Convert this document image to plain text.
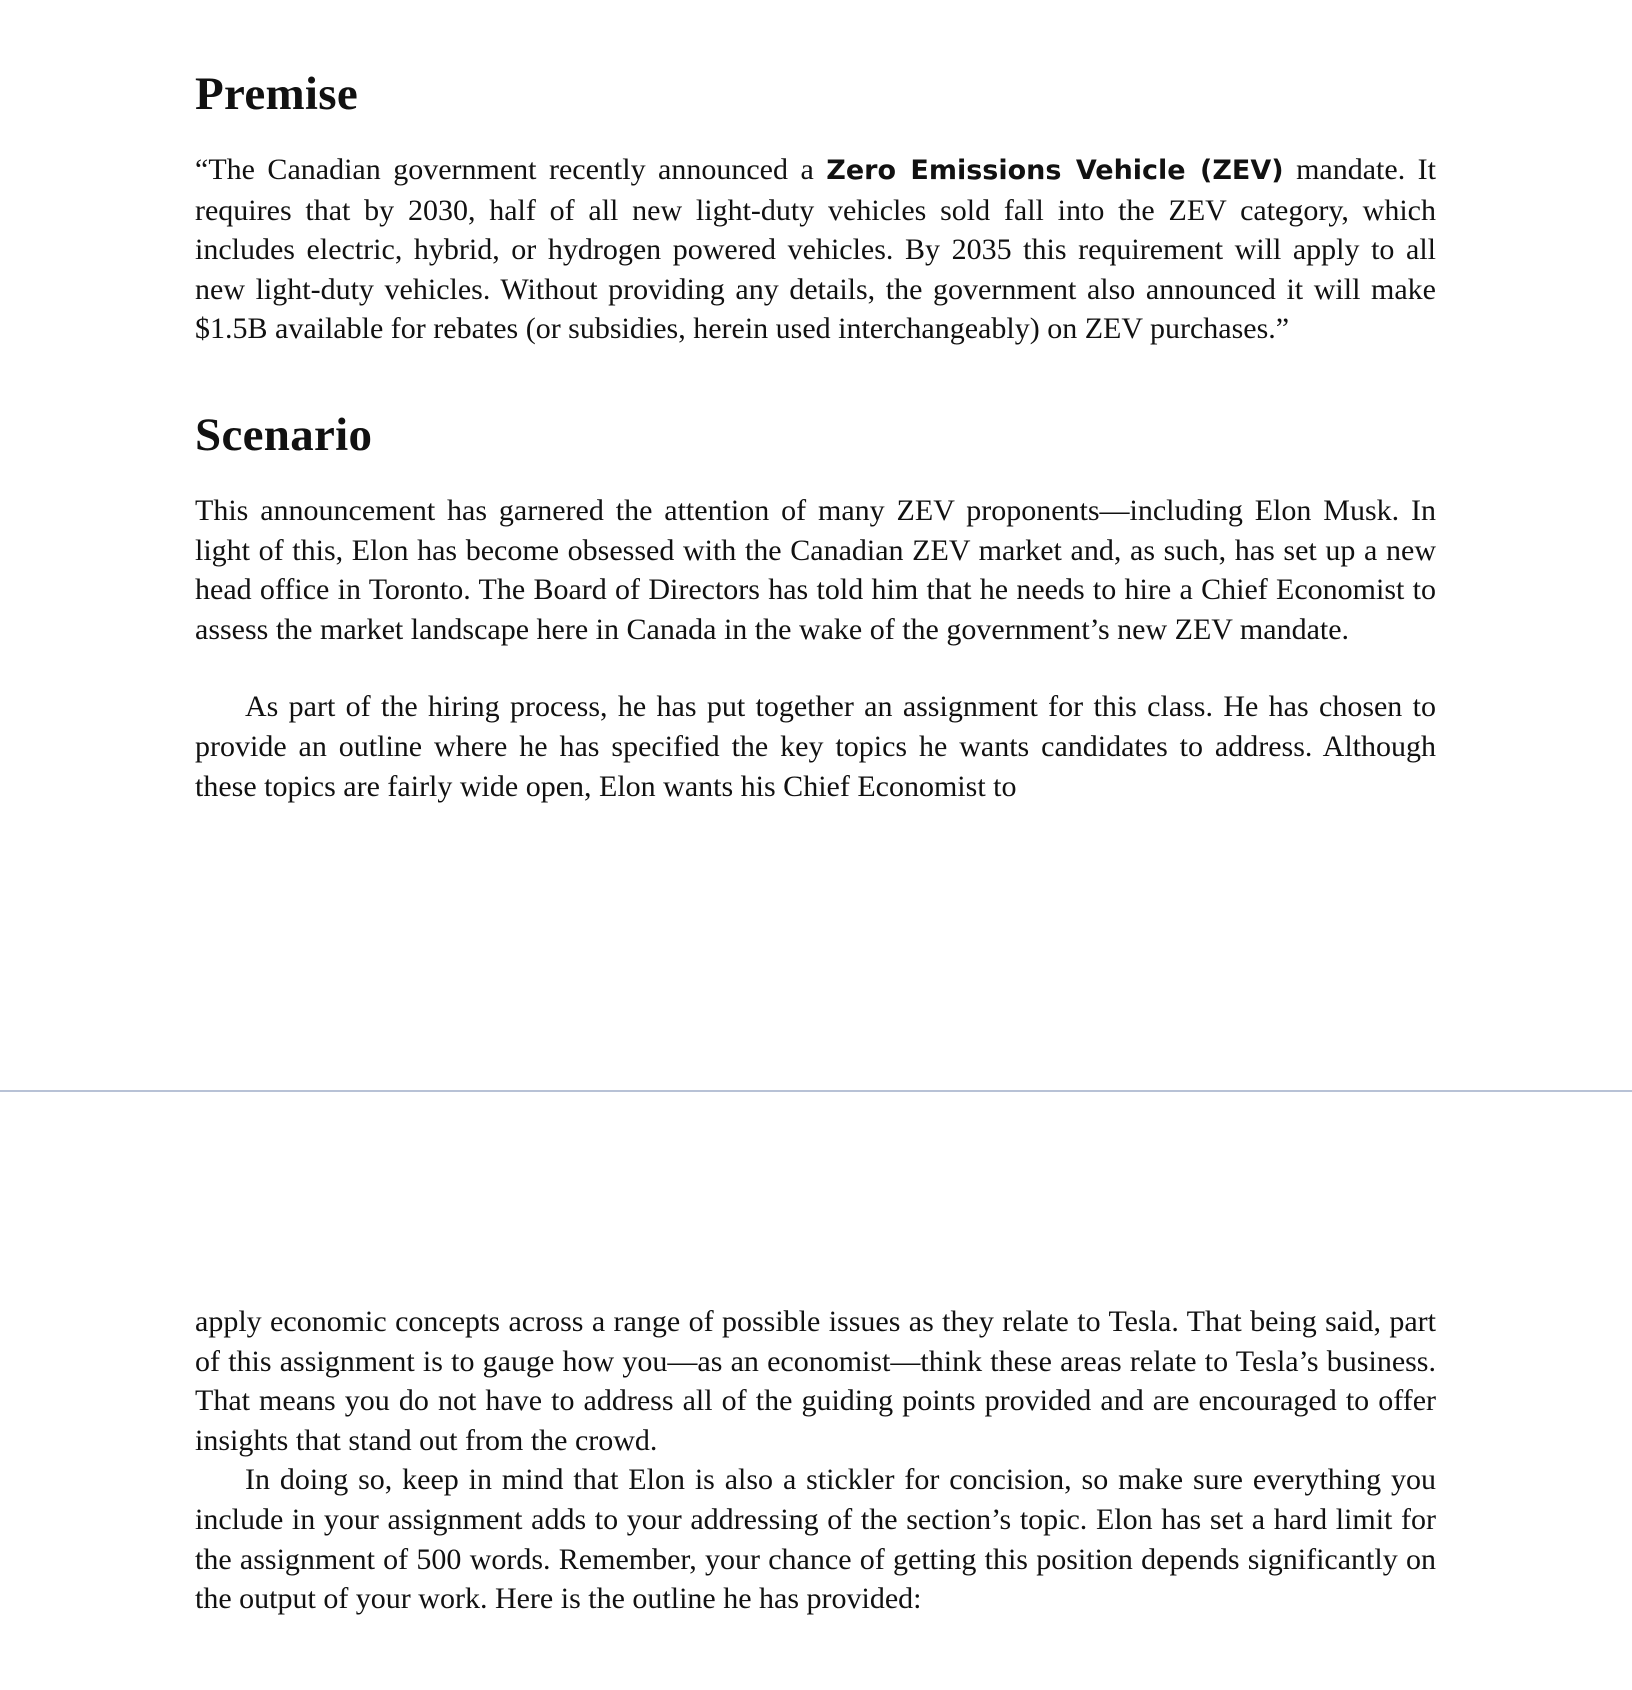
Premise

“The Canadian government recently announced a Zero Emissions Vehicle (ZEV) mandate. It requires that by 2030, half of all new light-duty vehicles sold fall into the ZEV category, which includes electric, hybrid, or hydrogen powered vehicles. By 2035 this requirement will apply to all new light-duty vehicles. Without providing any details, the government also announced it will make $1.5B available for rebates (or subsidies, herein used interchangeably) on ZEV purchases.”

Scenario

This announcement has garnered the attention of many ZEV proponents—including Elon Musk. In light of this, Elon has become obsessed with the Canadian ZEV market and, as such, has set up a new head office in Toronto. The Board of Directors has told him that he needs to hire a Chief Economist to assess the market landscape here in Canada in the wake of the government’s new ZEV mandate.

As part of the hiring process, he has put together an assignment for this class. He has chosen to provide an outline where he has specified the key topics he wants candidates to address. Although these topics are fairly wide open, Elon wants his Chief Economist to

apply economic concepts across a range of possible issues as they relate to Tesla. That being said, part of this assignment is to gauge how you—as an economist—think these areas relate to Tesla’s business. That means you do not have to address all of the guiding points provided and are encouraged to offer insights that stand out from the crowd.

In doing so, keep in mind that Elon is also a stickler for concision, so make sure everything you include in your assignment adds to your addressing of the section’s topic. Elon has set a hard limit for the assignment of 500 words. Remember, your chance of getting this position depends significantly on the output of your work. Here is the outline he has provided:
